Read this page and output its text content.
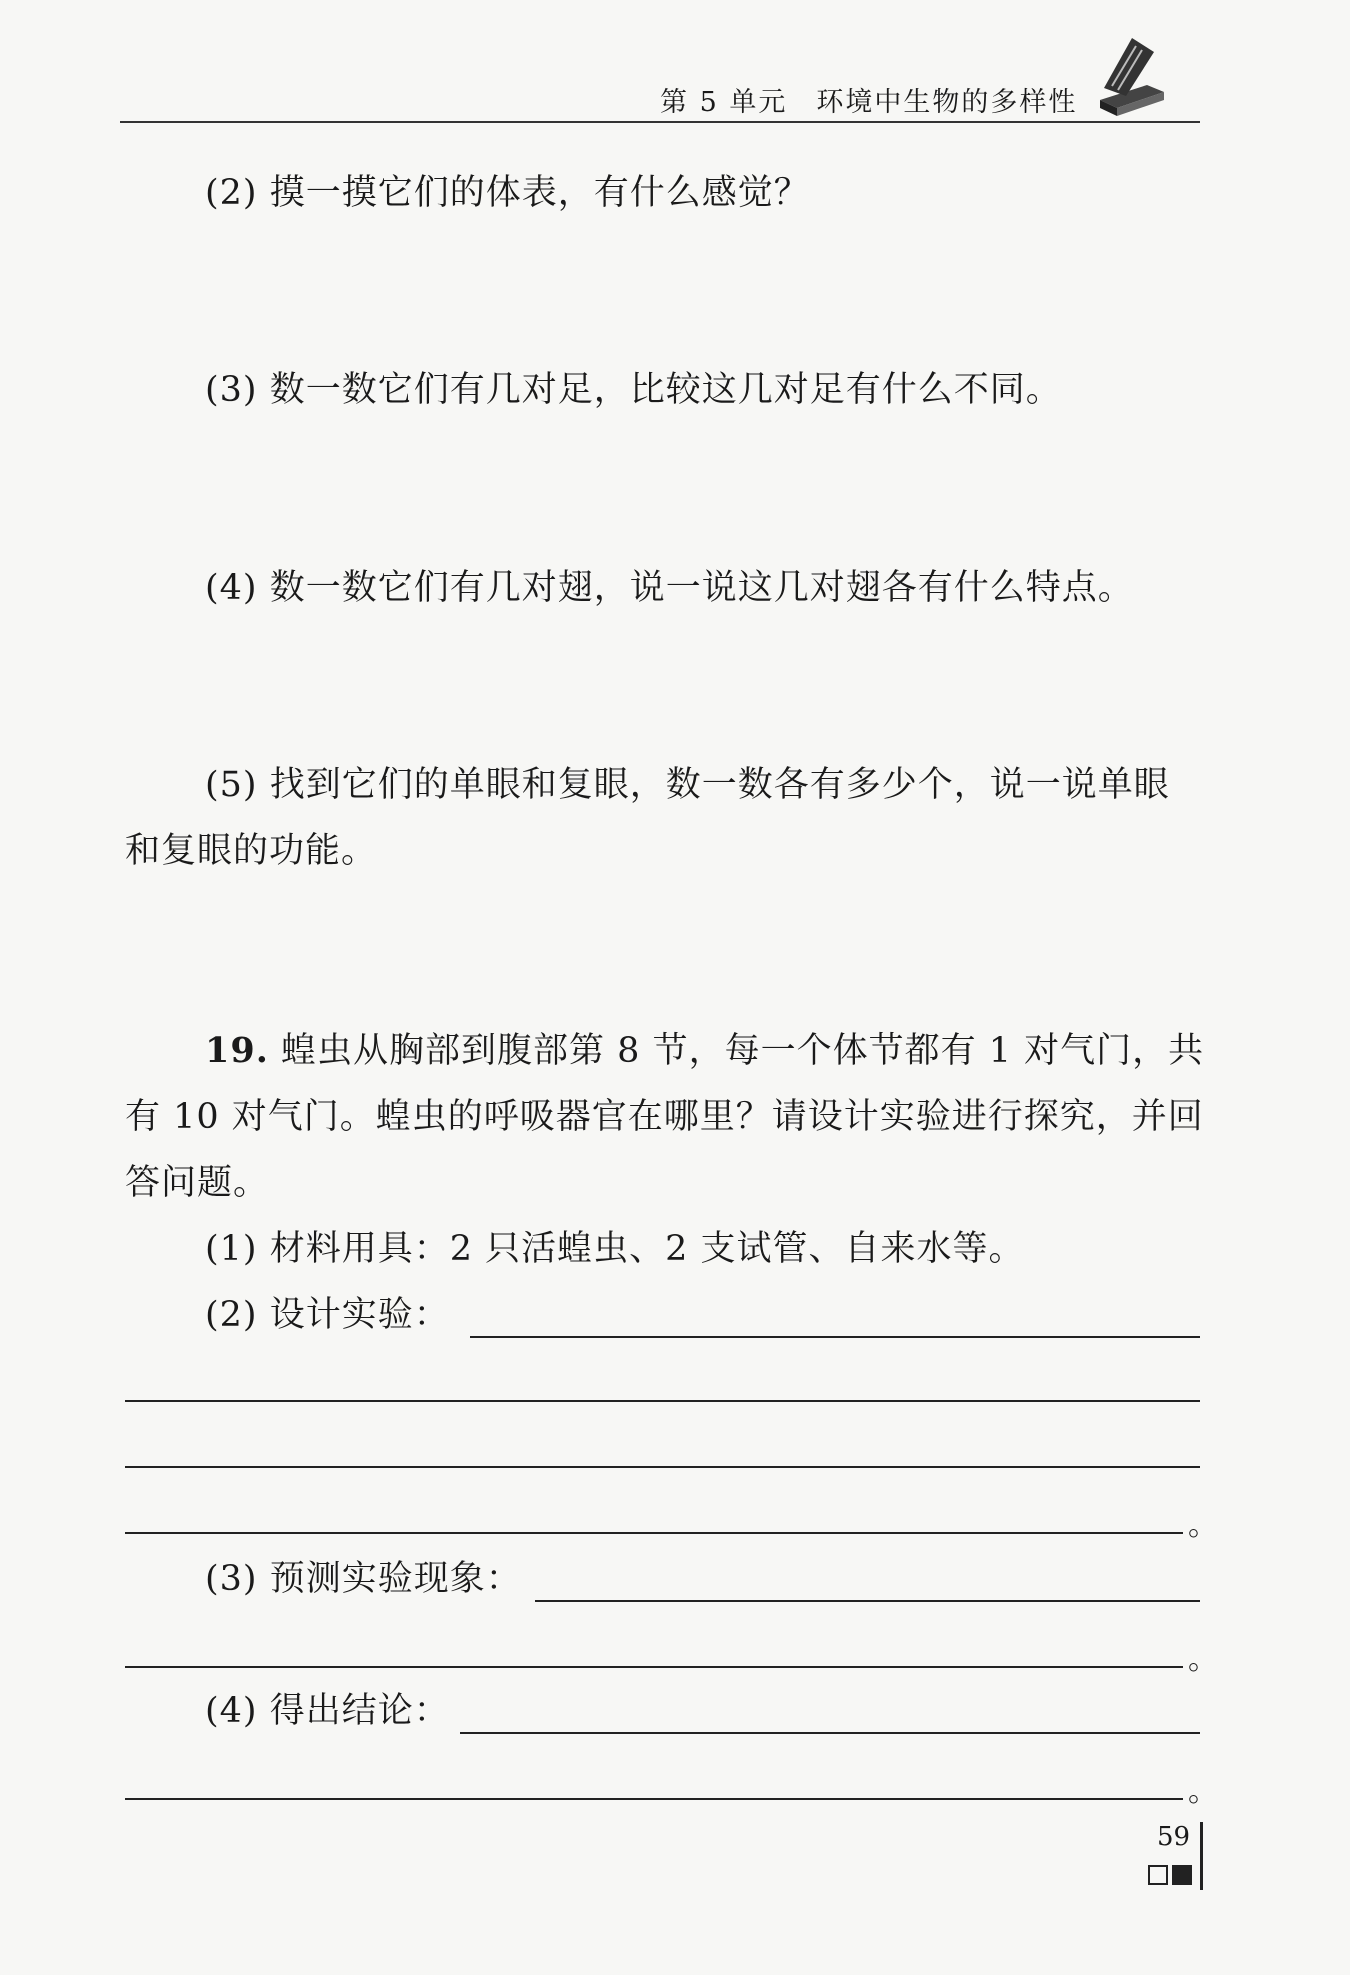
第 5 单元　环境中生物的多样性
(2) 摸一摸它们的体表，有什么感觉？
(3) 数一数它们有几对足，比较这几对足有什么不同。
(4) 数一数它们有几对翅，说一说这几对翅各有什么特点。
(5) 找到它们的单眼和复眼，数一数各有多少个，说一说单眼和复眼的功能。
19. 蝗虫从胸部到腹部第 8 节，每一个体节都有 1 对气门，共有 10 对气门。蝗虫的呼吸器官在哪里？请设计实验进行探究，并回答问题。
(1) 材料用具：2 只活蝗虫、2 支试管、自来水等。
(2) 设计实验：
。
(3) 预测实验现象：
。
(4) 得出结论：
。
59
